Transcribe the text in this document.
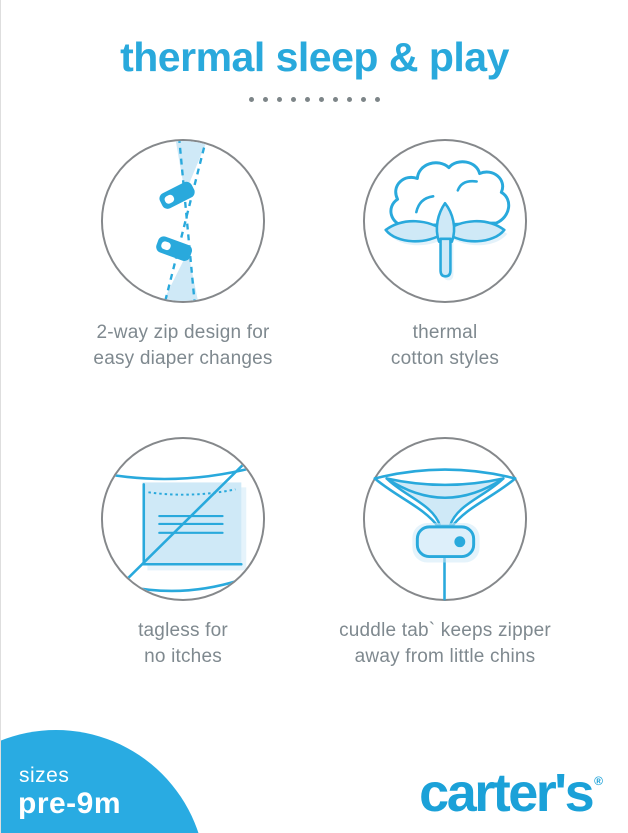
thermal sleep & play

2-way zip design for
easy diaper changes

thermal
cotton styles

tagless for
no itches

cuddle tab` keeps zipper
away from little chins

sizes
pre-9m	carter's ®
